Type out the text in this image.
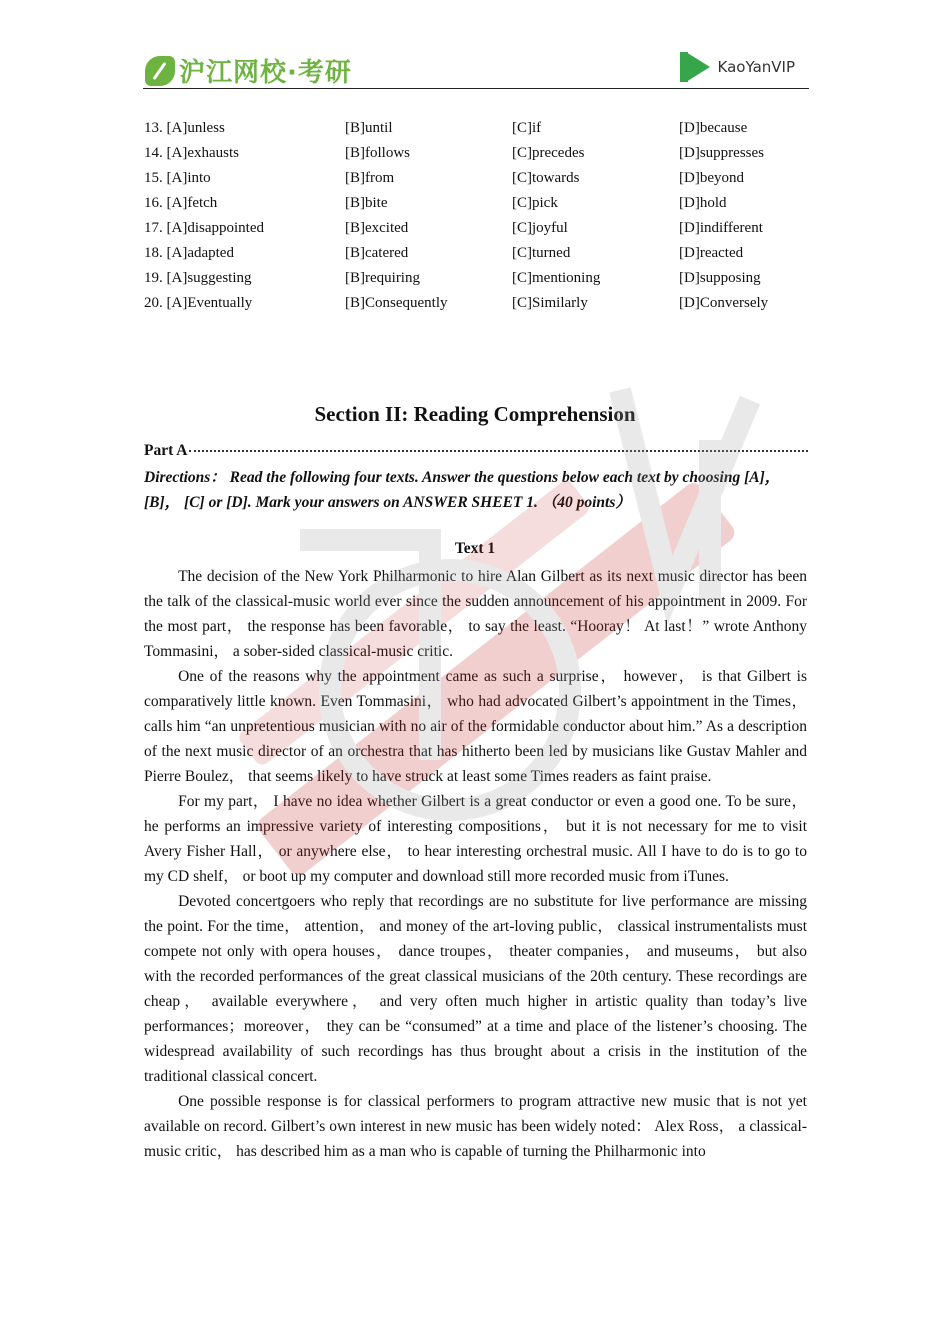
沪江网校·考研	KaoYanVIP
13. [A]unless	[B]until	[C]if	[D]because
14. [A]exhausts	[B]follows	[C]precedes	[D]suppresses
15. [A]into	[B]from	[C]towards	[D]beyond
16. [A]fetch	[B]bite	[C]pick	[D]hold
17. [A]disappointed	[B]excited	[C]joyful	[D]indifferent
18. [A]adapted	[B]catered	[C]turned	[D]reacted
19. [A]suggesting	[B]requiring	[C]mentioning	[D]supposing
20. [A]Eventually	[B]Consequently	[C]Similarly	[D]Conversely
Section II: Reading Comprehension
Part A
Directions： Read the following four texts. Answer the questions below each text by choosing [A]，[B]， [C] or [D]. Mark your answers on ANSWER SHEET 1. （40 points）
Text 1

The decision of the New York Philharmonic to hire Alan Gilbert as its next music director has been the talk of the classical-music world ever since the sudden announcement of his appointment in 2009. For the most part， the response has been favorable， to say the least. “Hooray！ At last！” wrote Anthony Tommasini， a sober-sided classical-music critic.

One of the reasons why the appointment came as such a surprise， however， is that Gilbert is comparatively little known. Even Tommasini， who had advocated Gilbert’s appointment in the Times， calls him “an unpretentious musician with no air of the formidable conductor about him.” As a description of the next music director of an orchestra that has hitherto been led by musicians like Gustav Mahler and Pierre Boulez， that seems likely to have struck at least some Times readers as faint praise.

For my part， I have no idea whether Gilbert is a great conductor or even a good one. To be sure， he performs an impressive variety of interesting compositions， but it is not necessary for me to visit Avery Fisher Hall， or anywhere else， to hear interesting orchestral music. All I have to do is to go to my CD shelf， or boot up my computer and download still more recorded music from iTunes.

Devoted concertgoers who reply that recordings are no substitute for live performance are missing the point. For the time， attention， and money of the art-loving public， classical instrumentalists must compete not only with opera houses， dance troupes， theater companies， and museums， but also with the recorded performances of the great classical musicians of the 20th century. These recordings are cheap， available everywhere， and very often much higher in artistic quality than today’s live performances；moreover， they can be “consumed” at a time and place of the listener’s choosing. The widespread availability of such recordings has thus brought about a crisis in the institution of the traditional classical concert.

One possible response is for classical performers to program attractive new music that is not yet available on record. Gilbert’s own interest in new music has been widely noted： Alex Ross， a classical-music critic， has described him as a man who is capable of turning the Philharmonic into
